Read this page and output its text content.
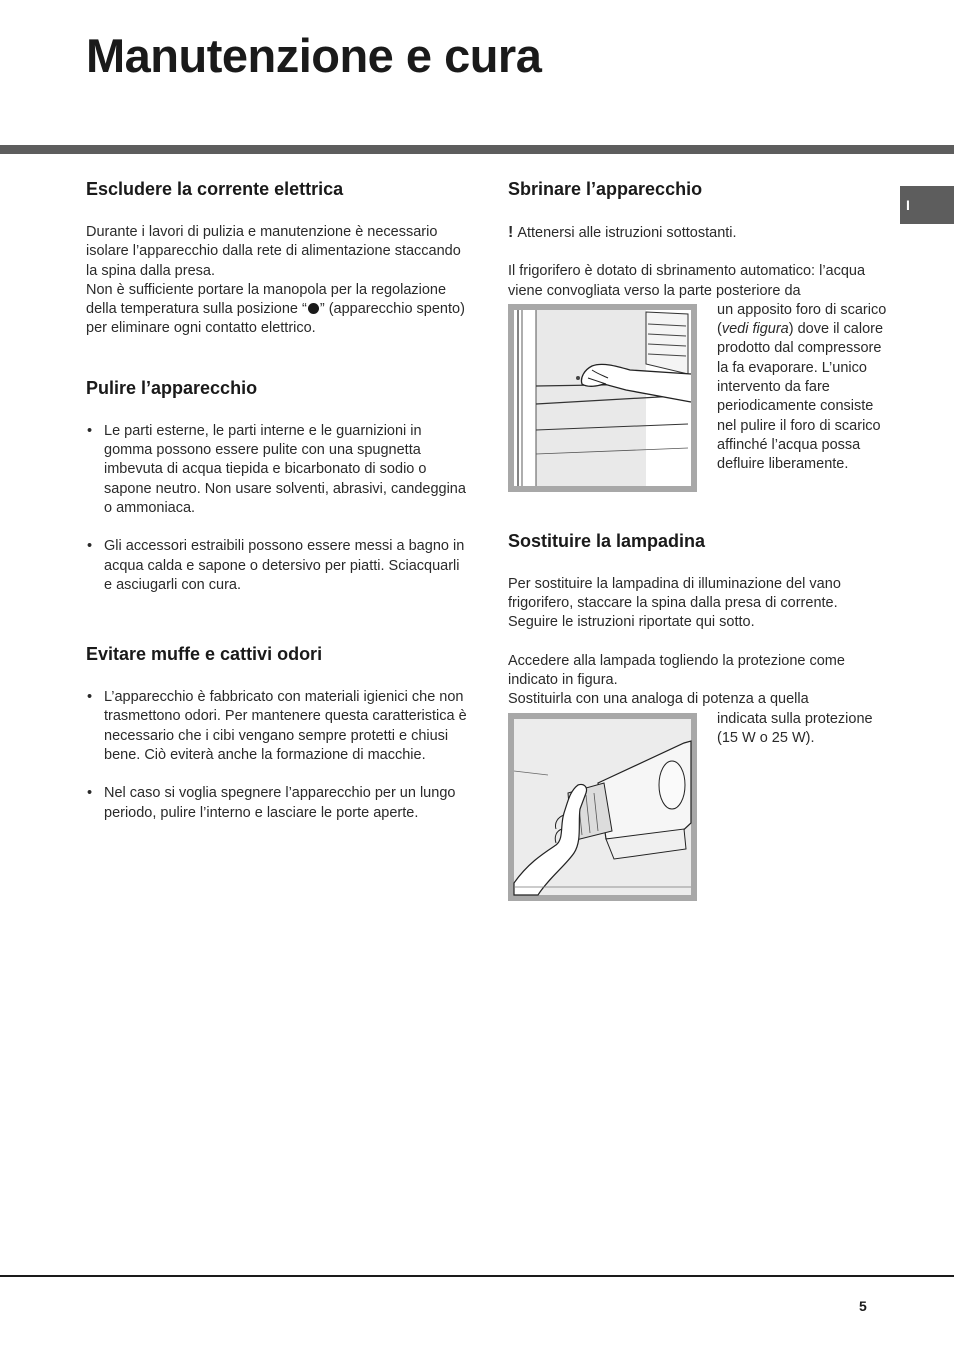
Manutenzione e cura
I
Escludere la corrente elettrica

Durante i lavori di pulizia e manutenzione è necessario isolare l’apparecchio dalla rete di alimentazione staccando la spina dalla presa.

Non è sufficiente portare la manopola per la regolazione della temperatura sulla posizione “ ” (apparecchio spento) per eliminare ogni contatto elettrico.

Pulire l’apparecchio
• Le parti esterne, le parti interne e le guarnizioni in gomma possono essere pulite con una spugnetta imbevuta di acqua tiepida e bicarbonato di sodio o sapone neutro. Non usare solventi, abrasivi, candeggina o ammoniaca.
• Gli accessori estraibili possono essere messi a bagno in acqua calda e sapone o detersivo per piatti. Sciacquarli e asciugarli con cura.
Evitare muffe e cattivi odori
• L’apparecchio è fabbricato con materiali igienici che non trasmettono odori. Per mantenere questa caratteristica è necessario che i cibi vengano sempre protetti e chiusi bene. Ciò eviterà anche la formazione di macchie.
• Nel caso si voglia spegnere l’apparecchio per un lungo periodo, pulire l’interno e lasciare le porte aperte.
Sbrinare l’apparecchio

! Attenersi alle istruzioni sottostanti.

Il frigorifero è dotato di sbrinamento automatico: l’acqua viene convogliata verso la parte posteriore da

un apposito foro di scarico (vedi figura) dove il calore prodotto dal compressore la fa evaporare. L’unico intervento da fare periodicamente consiste nel pulire il foro di scarico affinché l’acqua possa defluire liberamente.

Sostituire la lampadina

Per sostituire la lampadina di illuminazione del vano frigorifero, staccare la spina dalla presa di corrente. Seguire le istruzioni riportate qui sotto.

Accedere alla lampada togliendo la protezione come indicato in figura.

Sostituirla con una analoga di potenza a quella

indicata sulla protezione (15 W o 25 W).

5
